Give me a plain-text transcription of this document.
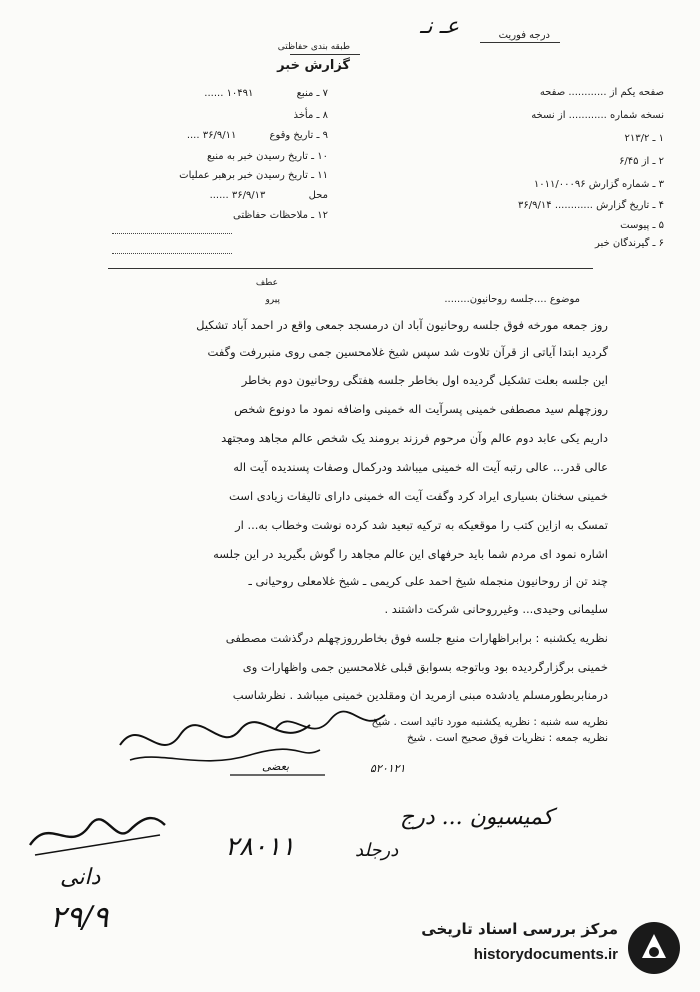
درجه فوریت
عـ نـ
طبقه بندی حفاظتی
گزارش خبر
صفحه یکم از ............ صفحه
نسخه شماره ............ از نسخه
۱ ـ ۲۱۳/۲
۲ ـ از ۶/۴۵
۳ ـ شماره گزارش ۱۰۱۱/۰۰۰۹۶
۴ ـ تاریخ گزارش ............ ۳۶/۹/۱۴
۵ ـ پیوست
۶ ـ گیرندگان خبر
۷ ـ منبع ۱۰۴۹۱ ......
۸ ـ مأخذ
۹ ـ تاریخ وقوع ۳۶/۹/۱۱ ....
۱۰ ـ تاریخ رسیدن خبر به منبع
۱۱ ـ تاریخ رسیدن خبر برهبر عملیات
محل ۳۶/۹/۱۳ ......
۱۲ ـ ملاحظات حفاظتی
عطف
پیرو	موضوع ....جلسه روحانیون........
روز جمعه مورخه فوق جلسه روحانیون آباد ان درمسجد جمعی واقع در احمد آباد تشکیل
گردید ابتدا آیاتی از قرآن تلاوت شد سپس شیخ غلامحسین جمی روی منبررفت وگفت
این جلسه بعلت تشکیل گردیده اول بخاطر جلسه هفتگی روحانیون دوم بخاطر
روزچهلم سید مصطفی خمینی پسرآیت اله خمینی واضافه نمود ما دونوع شخص
داریم یکی عابد دوم عالم وآن مرحوم فرزند برومند یک شخص عالم مجاهد ومجتهد
عالی قدر... عالی رتبه آیت اله خمینی میباشد ودرکمال وصفات پسندیده آیت اله
خمینی سخنان بسیاری ایراد کرد وگفت آیت اله خمینی دارای تالیفات زیادی است
تمسک به ازاین کتب را موقعیکه به ترکیه تبعید شد کرده نوشت وخطاب به... ار
اشاره نمود ای مردم شما باید حرفهای این عالم مجاهد را گوش بگیرید در این جلسه
چند تن از روحانیون منجمله شیخ احمد علی کریمی ـ شیخ غلامعلی روحیانی ـ
سلیمانی وحیدی... وغیرروحانی شرکت داشتند .
نظریه یکشنبه : برابراظهارات منبع جلسه فوق بخاطرروزچهلم درگذشت مصطفی
خمینی برگزارگردیده بود وباتوجه بسوابق قبلی غلامحسین جمی واظهارات وی
درمنابربطورمسلم یادشده مبنی ازمرید ان ومقلدین خمینی میباشد . نظرشاسب
نظریه سه شنبه : نظریه یکشنبه مورد تائید است . شیخ
نظریه جمعه : نظریات فوق صحیح است . شیخ
بعضی	۵۲۰۱۲۱
۲۸۰۱۱
کمیسیون ... درج
درجلد
دانی
۲۹/۹	مرکز بررسی اسناد تاریخی
historydocuments.ir
